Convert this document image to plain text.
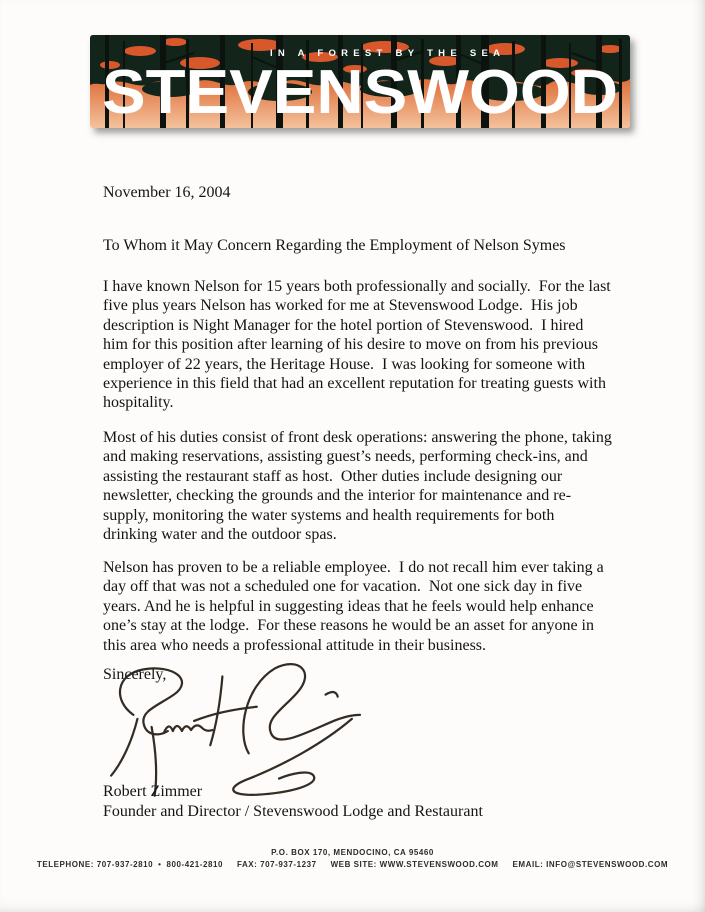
IN A FOREST BY THE SEA
STEVENSWOOD
November 16, 2004
To Whom it May Concern Regarding the Employment of Nelson Symes
I have known Nelson for 15 years both professionally and socially.  For the last five plus years Nelson has worked for me at Stevenswood Lodge.  His job description is Night Manager for the hotel portion of Stevenswood.  I hired him for this position after learning of his desire to move on from his previous employer of 22 years, the Heritage House.  I was looking for someone with experience in this field that had an excellent reputation for treating guests with hospitality.
Most of his duties consist of front desk operations: answering the phone, taking and making reservations, assisting guest’s needs, performing check-ins, and assisting the restaurant staff as host.  Other duties include designing our newsletter, checking the grounds and the interior for maintenance and re-supply, monitoring the water systems and health requirements for both drinking water and the outdoor spas.
Nelson has proven to be a reliable employee.  I do not recall him ever taking a day off that was not a scheduled one for vacation.  Not one sick day in five years. And he is helpful in suggesting ideas that he feels would help enhance one’s stay at the lodge.  For these reasons he would be an asset for anyone in this area who needs a professional attitude in their business.
Sincerely,
Robert Zimmer
Founder and Director / Stevenswood Lodge and Restaurant
P.O. BOX 170, MENDOCINO, CA 95460
TELEPHONE: 707-937-2810 • 800-421-2810 FAX: 707-937-1237 WEB SITE: WWW.STEVENSWOOD.COM EMAIL: INFO@STEVENSWOOD.COM
